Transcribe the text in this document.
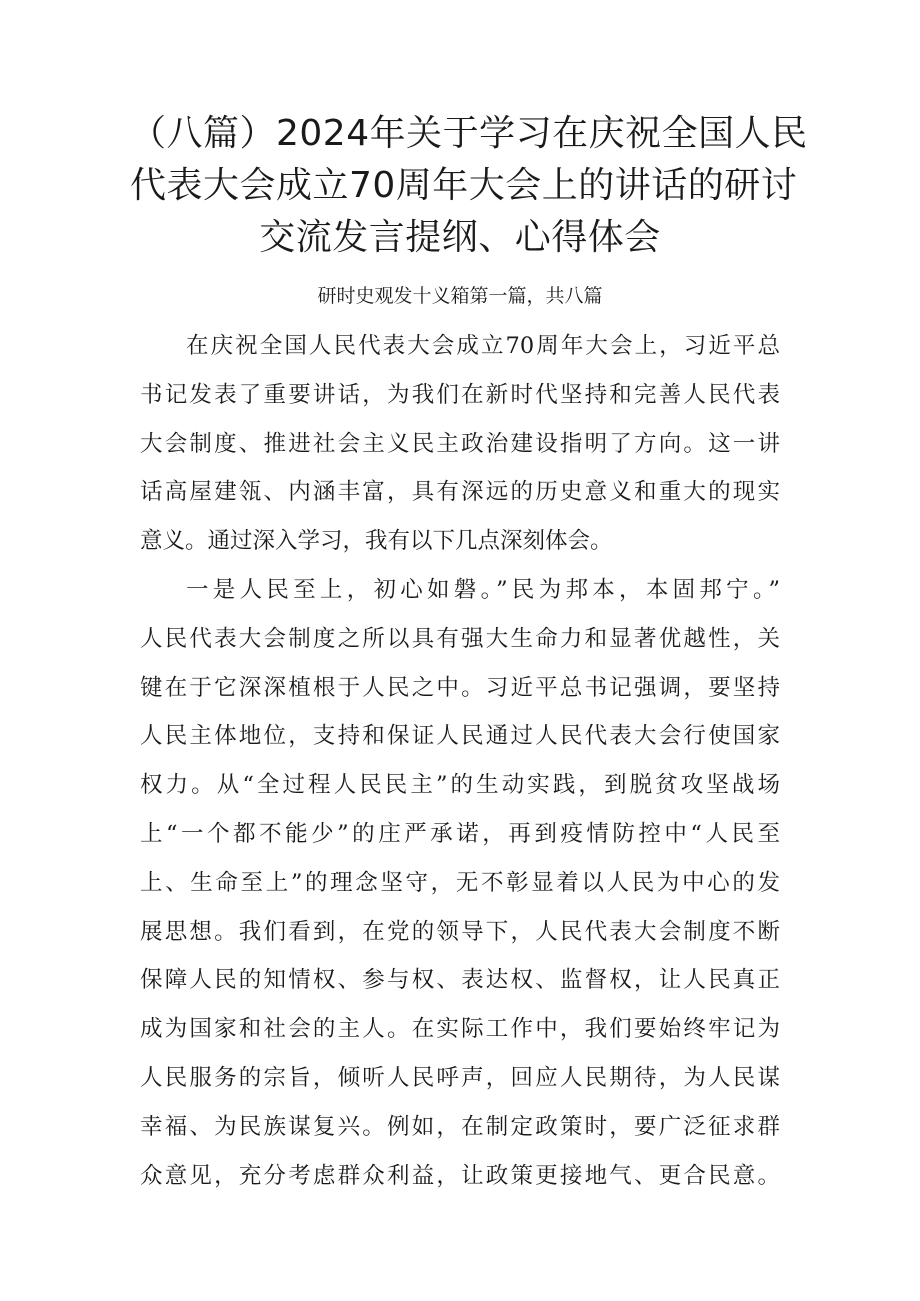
（八篇）2024年关于学习在庆祝全国人民
代表大会成立70周年大会上的讲话的研讨
交流发言提纲、心得体会

研时史观发十义箱第一篇，共八篇

在庆祝全国人民代表大会成立70周年大会上，习近平总
书记发表了重要讲话，为我们在新时代坚持和完善人民代表
大会制度、推进社会主义民主政治建设指明了方向。这一讲
话高屋建瓴、内涵丰富，具有深远的历史意义和重大的现实
意义。通过深入学习，我有以下几点深刻体会。

一是人民至上，初心如磐。”民为邦本，本固邦宁。”
人民代表大会制度之所以具有强大生命力和显著优越性，关
键在于它深深植根于人民之中。习近平总书记强调，要坚持
人民主体地位，支持和保证人民通过人民代表大会行使国家
权力。从“全过程人民民主”的生动实践，到脱贫攻坚战场
上“一个都不能少”的庄严承诺，再到疫情防控中“人民至
上、生命至上”的理念坚守，无不彰显着以人民为中心的发
展思想。我们看到，在党的领导下，人民代表大会制度不断
保障人民的知情权、参与权、表达权、监督权，让人民真正
成为国家和社会的主人。在实际工作中，我们要始终牢记为
人民服务的宗旨，倾听人民呼声，回应人民期待，为人民谋
幸福、为民族谋复兴。例如，在制定政策时，要广泛征求群
众意见，充分考虑群众利益，让政策更接地气、更合民意。
